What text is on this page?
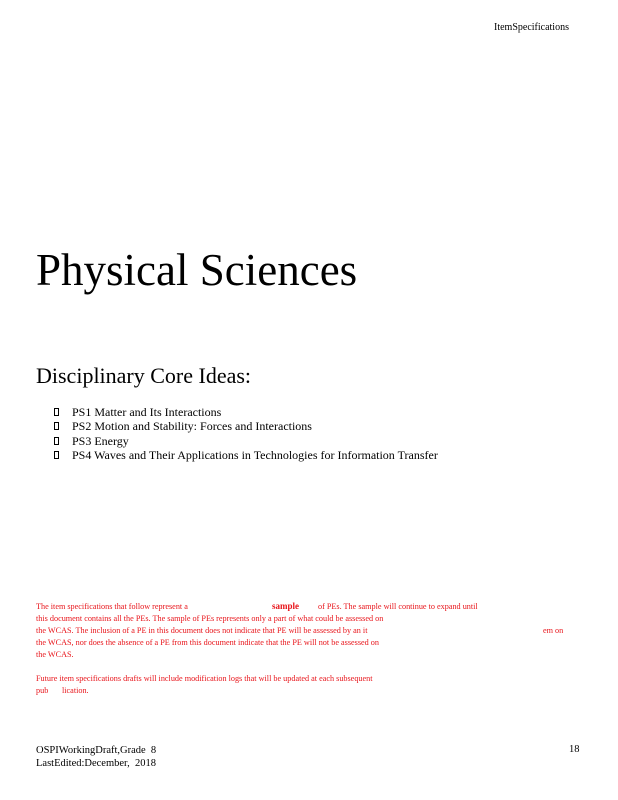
ItemSpecifications
Physical Sciences
Disciplinary Core Ideas:
PS1 Matter and Its Interactions
PS2 Motion and Stability: Forces and Interactions
PS3 Energy
PS4 Waves and Their Applications in Technologies for Information Transfer
The item specifications that follow represent a	sample of PEs. The sample will continue to expand until
this document contains all the PEs. The sample of PEs represents only a part of what could be assessed on
the WCAS. The inclusion of a PE in this document does not indicate that PE will be assessed by an it	em on
the WCAS, nor does the absence of a PE from this document indicate that the PE will not be assessed on
the WCAS.
Future item specifications drafts will include modification logs that will be updated at each subsequent
pub lication.
OSPIWorkingDraft,Grade  8
LastEdited:December,  2018
18
